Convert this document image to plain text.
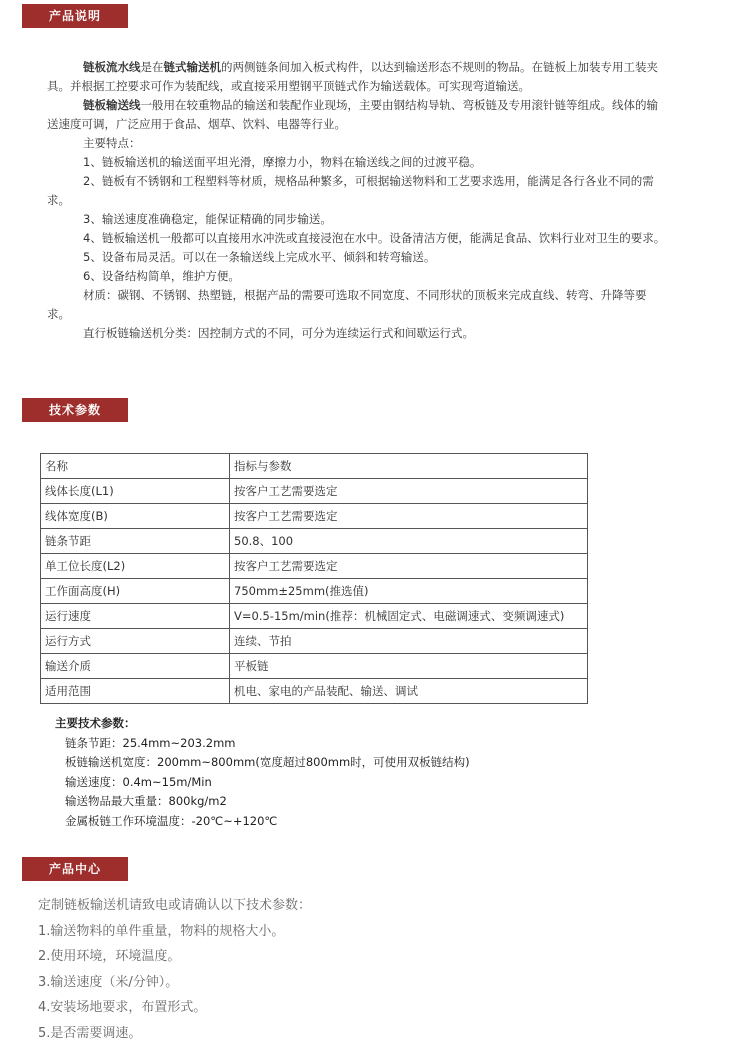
产品说明

链板流水线是在链式输送机的两侧链条间加入板式构件，以达到输送形态不规则的物品。在链板上加装专用工装夹具。并根据工控要求可作为装配线，或直接采用塑钢平顶链式作为输送载体。可实现弯道输送。

链板输送线一般用在较重物品的输送和装配作业现场，主要由钢结构导轨、弯板链及专用滚针链等组成。线体的输送速度可调，广泛应用于食品、烟草、饮料、电器等行业。

主要特点：

1、链板输送机的输送面平坦光滑，摩擦力小，物料在输送线之间的过渡平稳。

2、链板有不锈钢和工程塑料等材质，规格品种繁多，可根据输送物料和工艺要求选用，能满足各行各业不同的需求。

3、输送速度准确稳定，能保证精确的同步输送。

4、链板输送机一般都可以直接用水冲洗或直接浸泡在水中。设备清洁方便，能满足食品、饮料行业对卫生的要求。

5、设备布局灵活。可以在一条输送线上完成水平、倾斜和转弯输送。

6、设备结构简单，维护方便。

材质：碳钢、不锈钢、热塑链，根据产品的需要可选取不同宽度、不同形状的顶板来完成直线、转弯、升降等要求。

直行板链输送机分类：因控制方式的不同，可分为连续运行式和间歇运行式。

技术参数
名称	指标与参数
线体长度(L1)	按客户工艺需要选定
线体宽度(B)	按客户工艺需要选定
链条节距	50.8、100
单工位长度(L2)	按客户工艺需要选定
工作面高度(H)	750mm±25mm(推选值)
运行速度	V=0.5-15m/min(推荐：机械固定式、电磁调速式、变频调速式)
运行方式	连续、节拍
输送介质	平板链
适用范围	机电、家电的产品装配、输送、调试
主要技术参数：
链条节距：25.4mm~203.2mm
板链输送机宽度：200mm~800mm(宽度超过800mm时，可使用双板链结构)
输送速度：0.4m~15m/Min
输送物品最大重量：800kg/m2
金属板链工作环境温度：-20℃~+120℃
产品中心
定制链板输送机请致电或请确认以下技术参数：
1.输送物料的单件重量，物料的规格大小。
2.使用环境，环境温度。
3.输送速度（米/分钟）。
4.安装场地要求，布置形式。
5.是否需要调速。
